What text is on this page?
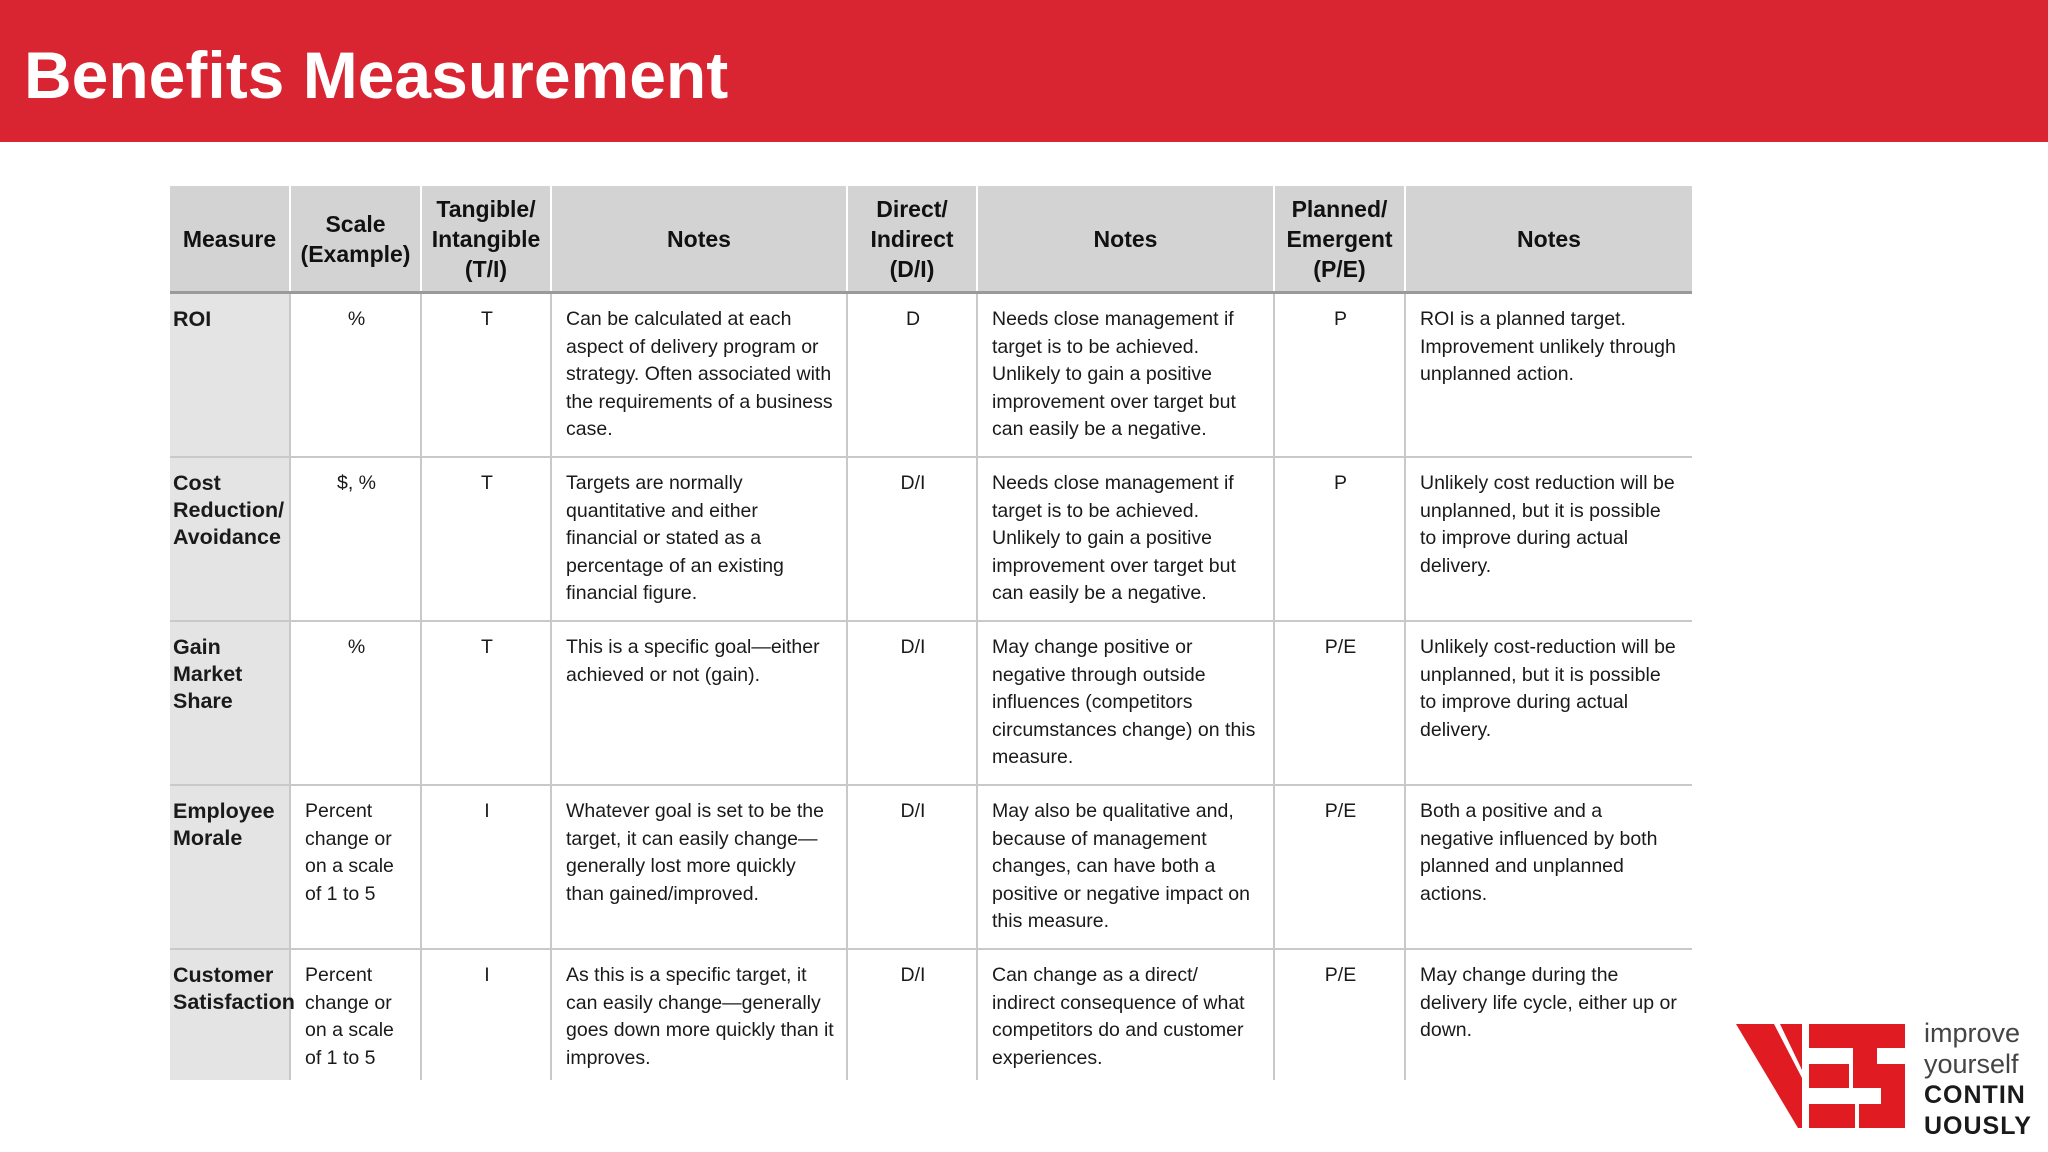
Benefits Measurement
Measure	Scale (Example)	Tangible/ Intangible (T/I)	Notes	Direct/ Indirect (D/I)	Notes	Planned/ Emergent (P/E)	Notes
ROI	%	T	Can be calculated at each aspect of delivery program or strategy. Often associated with the requirements of a business case.	D	Needs close management if target is to be achieved. Unlikely to gain a positive improvement over target but can easily be a negative.	P	ROI is a planned target. Improvement unlikely through unplanned action.
Cost Reduction/ Avoidance	$, %	T	Targets are normally quantitative and either financial or stated as a percentage of an existing financial figure.	D/I	Needs close management if target is to be achieved. Unlikely to gain a positive improvement over target but can easily be a negative.	P	Unlikely cost reduction will be unplanned, but it is possible to improve during actual delivery.
Gain Market Share	%	T	This is a specific goal—either achieved or not (gain).	D/I	May change positive or negative through outside influences (competitors circumstances change) on this measure.	P/E	Unlikely cost-reduction will be unplanned, but it is possible to improve during actual delivery.
Employee Morale	Percent change or on a scale of 1 to 5	I	Whatever goal is set to be the target, it can easily change—generally lost more quickly than gained/improved.	D/I	May also be qualitative and, because of management changes, can have both a positive or negative impact on this measure.	P/E	Both a positive and a negative influenced by both planned and unplanned actions.
Customer Satisfaction	Percent change or on a scale of 1 to 5	I	As this is a specific target, it can easily change—generally goes down more quickly than it improves.	D/I	Can change as a direct/ indirect consequence of what competitors do and customer experiences.	P/E	May change during the delivery life cycle, either up or down.	improve
yourself
CONTIN
UOUSLY
